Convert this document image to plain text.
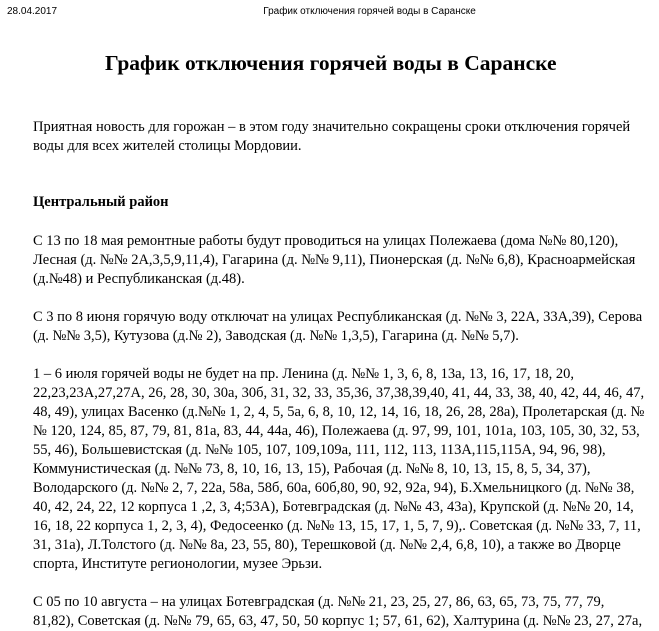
28.04.2017	График отключения горячей воды в Саранске
График отключения горячей воды в Саранске

Приятная новость для горожан – в этом году значительно сокращены сроки отключения горячей воды для всех жителей столицы Мордовии.

Центральный район

С 13 по 18 мая ремонтные работы будут проводиться на улицах Полежаева (дома №№ 80,120), Лесная (д. №№ 2А,3,5,9,11,4), Гагарина (д. №№ 9,11), Пионерская (д. №№ 6,8), Красноармейская (д.№48) и Республиканская (д.48).

С 3 по 8 июня горячую воду отключат на улицах Республиканская (д. №№ 3, 22А, 33А,39), Серова (д. №№ 3,5), Кутузова (д.№ 2), Заводская (д. №№ 1,3,5), Гагарина (д. №№ 5,7).

1 – 6 июля горячей воды не будет на пр. Ленина (д. №№ 1, 3, 6, 8, 13а, 13, 16, 17, 18, 20, 22,23,23А,27,27А, 26, 28, 30, 30а, 30б, 31, 32, 33, 35,36, 37,38,39,40, 41, 44, 33, 38, 40, 42, 44, 46, 47, 48, 49), улицах Васенко (д.№№ 1, 2, 4, 5, 5а, 6, 8, 10, 12, 14, 16, 18, 26, 28, 28а), Пролетарская (д. №№ 120, 124, 85, 87, 79, 81, 81а, 83, 44, 44а, 46), Полежаева (д. 97, 99, 101, 101а, 103, 105, 30, 32, 53, 55, 46), Большевистская (д. №№ 105, 107, 109,109а, 111, 112, 113, 113А,115,115А, 94, 96, 98), Коммунистическая (д. №№ 73, 8, 10, 16, 13, 15), Рабочая (д. №№ 8, 10, 13, 15, 8, 5, 34, 37), Володарского (д. №№ 2, 7, 22а, 58а, 58б, 60а, 60б,80, 90, 92, 92а, 94), Б.Хмельницкого (д. №№ 38, 40, 42, 24, 22, 12 корпуса 1 ,2, 3, 4;53А), Ботевградская (д. №№ 43, 43а), Крупской (д. №№ 20, 14, 16, 18, 22 корпуса 1, 2, 3, 4), Федосеенко (д. №№ 13, 15, 17, 1, 5, 7, 9),. Советская (д. №№ 33, 7, 11, 31, 31а), Л.Толстого (д. №№ 8а, 23, 55, 80), Терешковой (д. №№ 2,4, 6,8, 10), а также во Дворце спорта, Институте регионологии, музее Эрьзи.

С 05 по 10 августа – на улицах Ботевградская (д. №№ 21, 23, 25, 27, 86, 63, 65, 73, 75, 77, 79, 81,82), Советская (д. №№ 79, 65, 63, 47, 50, 50 корпус 1; 57, 61, 62), Халтурина (д. №№ 23, 27, 27а,
